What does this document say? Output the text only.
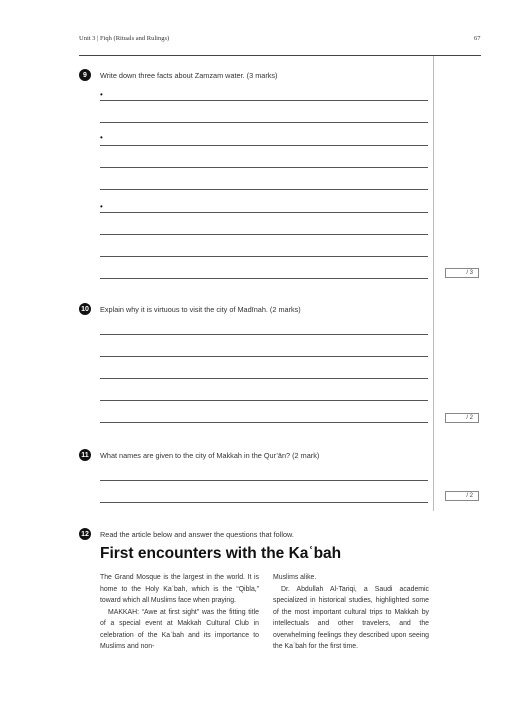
Unit 3 | Fiqh (Rituals and Rulings)	67
9	Write down three facts about Zamzam water. (3 marks)
•
•
•
/ 3
10 Explain why it is virtuous to visit the city of Madīnah. (2 marks)
/ 2
11	What names are given to the city of Makkah in the Qur’ān? (2 mark)
/ 2
12 Read the article below and answer the questions that follow.
First encounters with the Kaʿbah

The Grand Mosque is the largest in the world. It is home to the Holy Kaʿbah, which is the “Qibla,” toward which all Muslims face when praying.

MAKKAH: “Awe at first sight” was the fitting title of a special event at Makkah Cultural Club in celebration of the Kaʿbah and its importance to Muslims and non-

Muslims alike.

Dr. Abdullah Al-Tariqi, a Saudi academic specialized in historical studies, highlighted some of the most important cultural trips to Makkah by intellectuals and other travelers, and the overwhelming feelings they described upon seeing the Kaʿbah for the first time.
